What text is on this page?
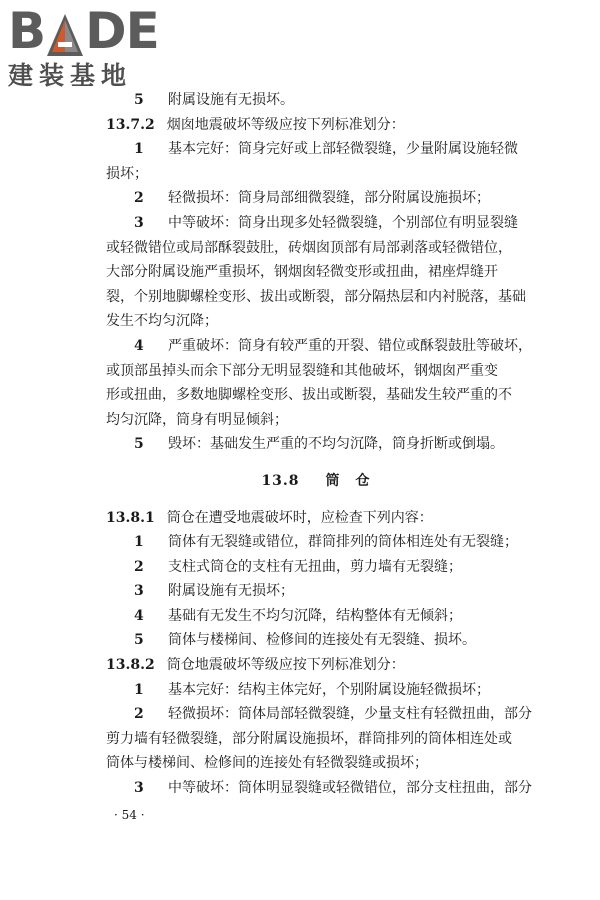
B DE
建装基地
5 附属设施有无损坏。
13.7.2 烟囱地震破坏等级应按下列标准划分：
1 基本完好：筒身完好或上部轻微裂缝，少量附属设施轻微
损坏；
2 轻微损坏：筒身局部细微裂缝，部分附属设施损坏；
3 中等破坏：筒身出现多处轻微裂缝，个别部位有明显裂缝
或轻微错位或局部酥裂鼓肚，砖烟囱顶部有局部剥落或轻微错位，
大部分附属设施严重损坏，钢烟囱轻微变形或扭曲，裙座焊缝开
裂，个别地脚螺栓变形、拔出或断裂，部分隔热层和内衬脱落，基础
发生不均匀沉降；
4 严重破坏：筒身有较严重的开裂、错位或酥裂鼓肚等破坏，
或顶部虽掉头而余下部分无明显裂缝和其他破坏，钢烟囱严重变
形或扭曲，多数地脚螺栓变形、拔出或断裂，基础发生较严重的不
均匀沉降，筒身有明显倾斜；
5 毁坏：基础发生严重的不均匀沉降，筒身折断或倒塌。
13.8 筒　仓
13.8.1 筒仓在遭受地震破坏时，应检查下列内容：
1 筒体有无裂缝或错位，群筒排列的筒体相连处有无裂缝；
2 支柱式筒仓的支柱有无扭曲，剪力墙有无裂缝；
3 附属设施有无损坏；
4 基础有无发生不均匀沉降，结构整体有无倾斜；
5 筒体与楼梯间、检修间的连接处有无裂缝、损坏。
13.8.2 筒仓地震破坏等级应按下列标准划分：
1 基本完好：结构主体完好，个别附属设施轻微损坏；
2 轻微损坏：筒体局部轻微裂缝，少量支柱有轻微扭曲，部分
剪力墙有轻微裂缝，部分附属设施损坏，群筒排列的筒体相连处或
筒体与楼梯间、检修间的连接处有轻微裂缝或损坏；
3 中等破坏：筒体明显裂缝或轻微错位，部分支柱扭曲，部分
· 54 ·
